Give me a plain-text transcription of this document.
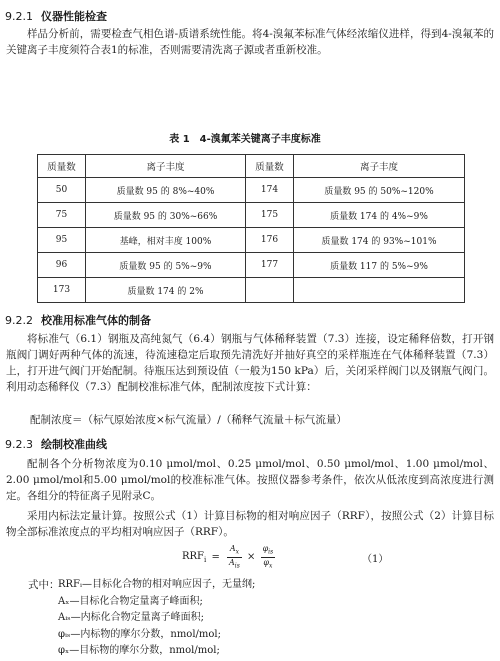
9.2.1 仪器性能检查
样品分析前，需要检查气相色谱-质谱系统性能。将4-溴氟苯标准气体经浓缩仪进样，得到4-溴氟苯的关键离子丰度须符合表1的标准，否则需要清洗离子源或者重新校准。
表 1 4-溴氟苯关键离子丰度标准
质量数	离子丰度	质量数	离子丰度
50	质量数 95 的 8%~40%	174	质量数 95 的 50%~120%
75	质量数 95 的 30%~66%	175	质量数 174 的 4%~9%
95	基峰，相对丰度 100%	176	质量数 174 的 93%~101%
96	质量数 95 的 5%~9%	177	质量数 117 的 5%~9%
173	质量数 174 的 2%		
9.2.2 校准用标准气体的制备
将标准气（6.1）钢瓶及高纯氮气（6.4）钢瓶与气体稀释装置（7.3）连接，设定稀释倍数，打开钢瓶阀门调好两种气体的流速，待流速稳定后取预先清洗好并抽好真空的采样瓶连在气体稀释装置（7.3）上，打开进气阀门开始配制。待瓶压达到预设值（一般为150 kPa）后，关闭采样阀门以及钢瓶气阀门。利用动态稀释仪（7.3）配制校准标准气体，配制浓度按下式计算：
配制浓度＝（标气原始浓度×标气流量）/（稀释气流量＋标气流量）
9.2.3 绘制校准曲线
配制各个分析物浓度为0.10 μmol/mol、0.25 μmol/mol、0.50 μmol/mol、1.00 μmol/mol、2.00 μmol/mol和5.00 μmol/mol的校准标准气体。按照仪器参考条件，依次从低浓度到高浓度进行测定。各组分的特征离子见附录C。
采用内标法定量计算。按照公式（1）计算目标物的相对响应因子（RRF），按照公式（2）计算目标物全部标准浓度点的平均相对响应因子（RRF）。
$RRF_i = \frac{A_x}{A_{is}} \times \frac{\varphi_{is}}{\varphi_x}$	（1）
式中：
RRFᵢ—目标化合物的相对响应因子，无量纲;
Aₓ—目标化合物定量离子峰面积;
Aᵢₛ—内标化合物定量离子峰面积;
φᵢₛ—内标物的摩尔分数，nmol/mol;
φₓ—目标物的摩尔分数，nmol/mol;
